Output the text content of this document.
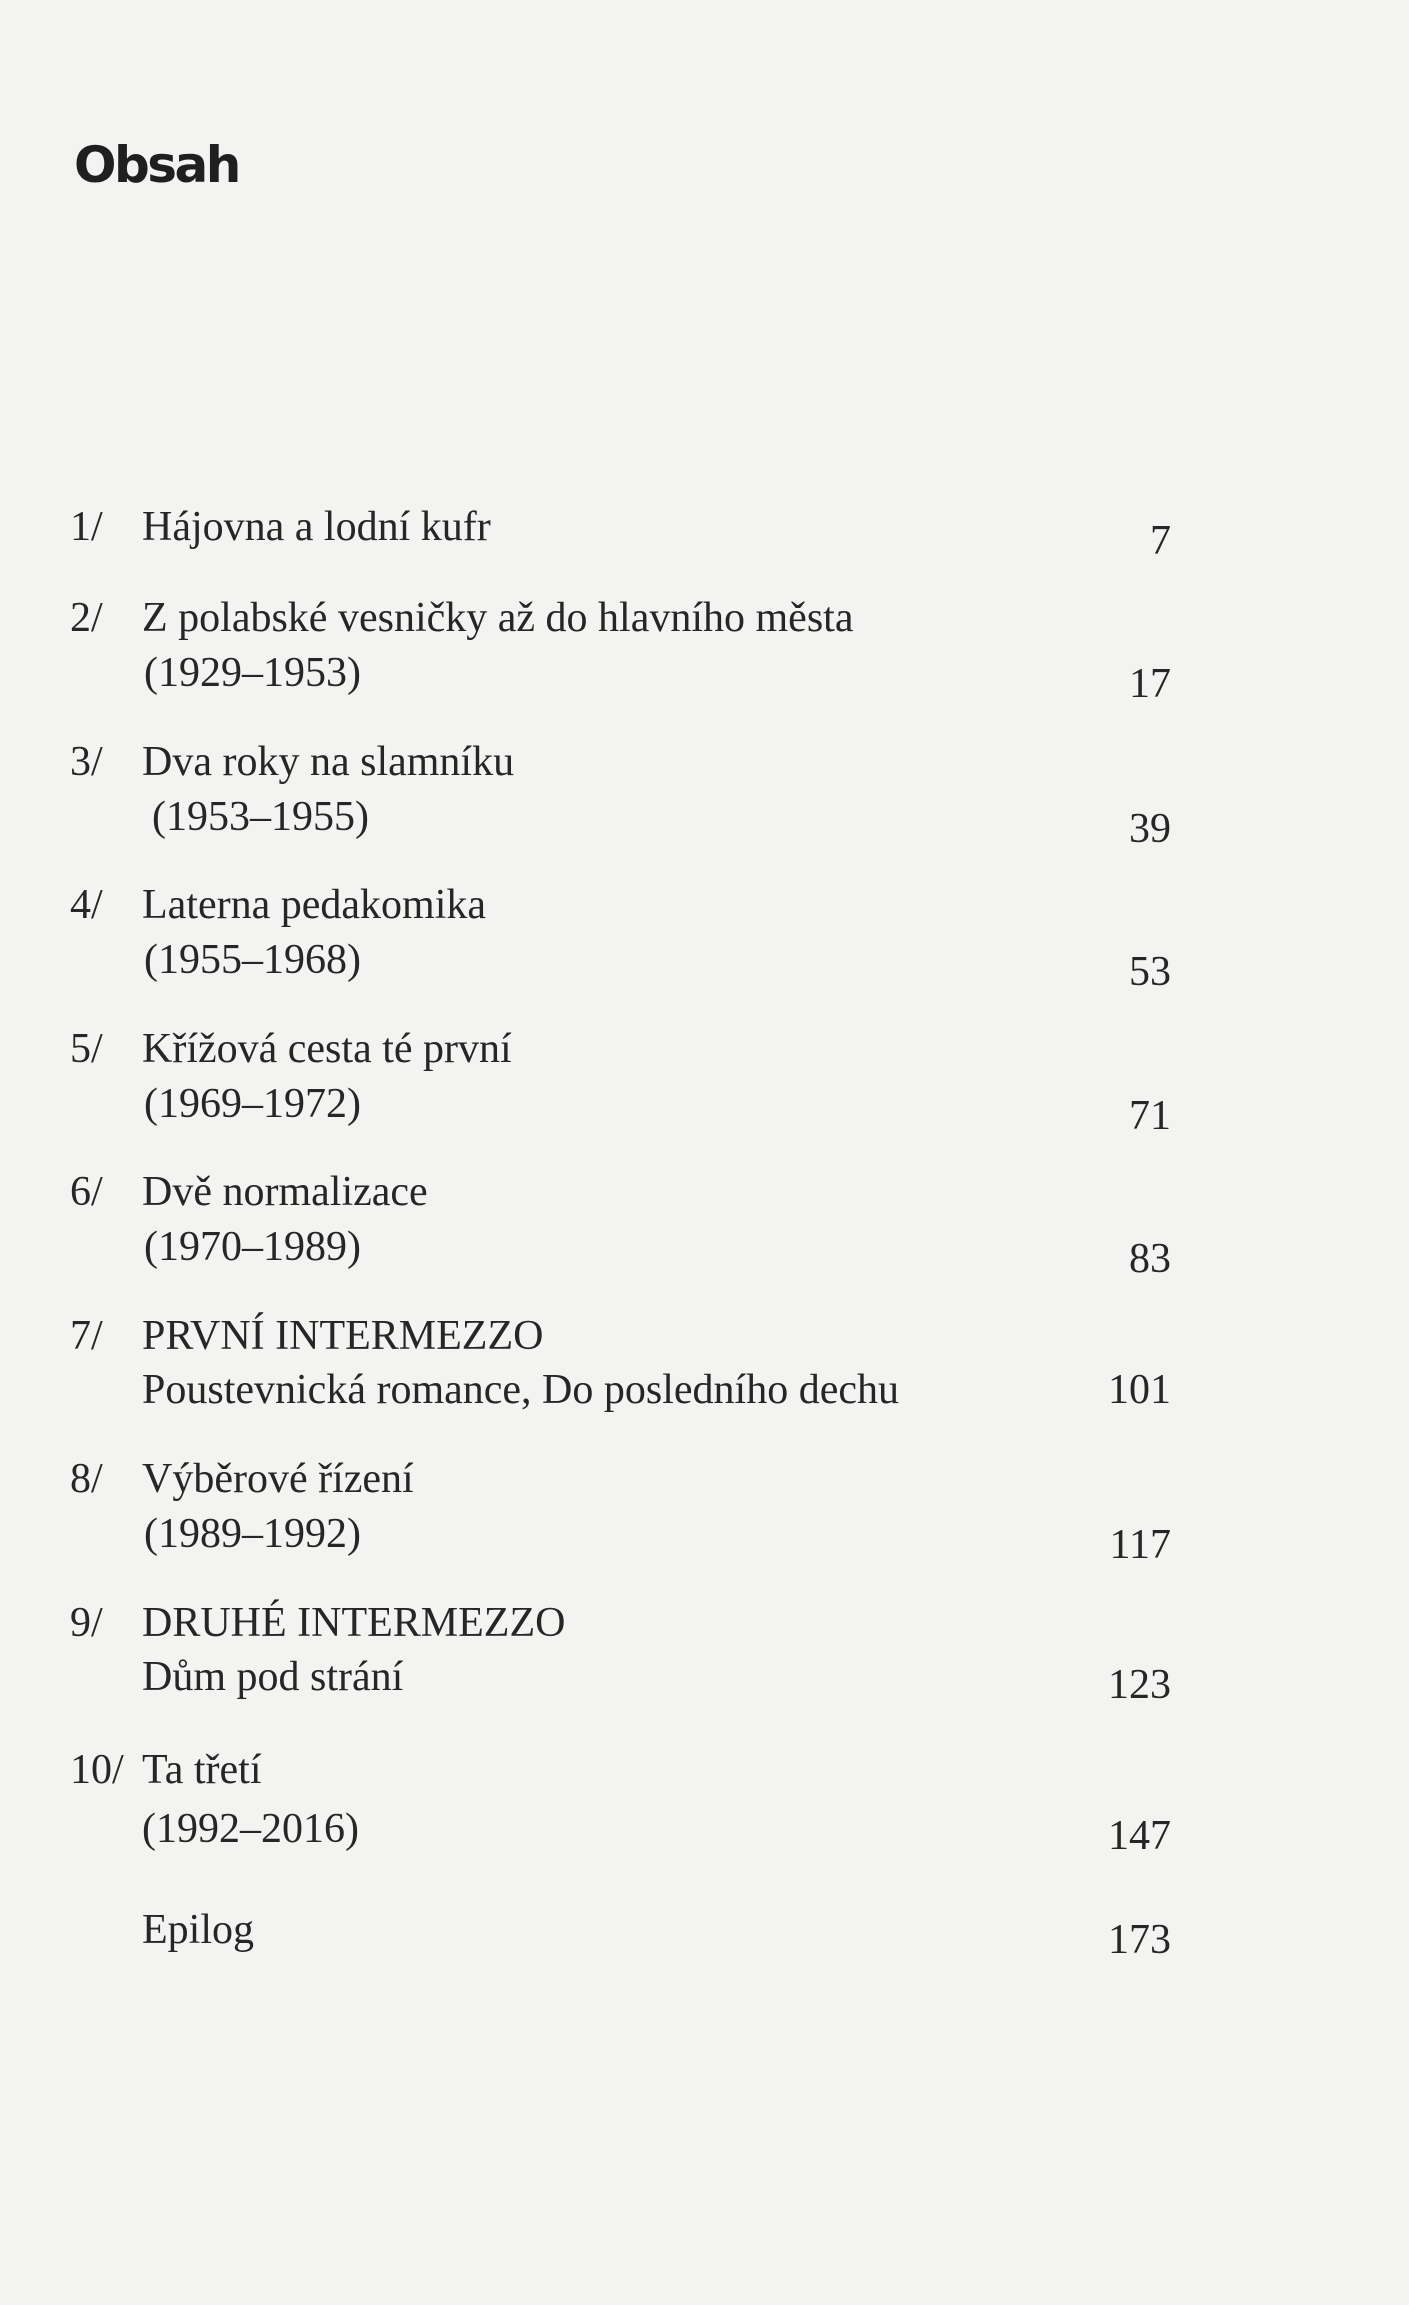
Obsah
1/ Hájovna a lodní kufr	7
2/ Z polabské vesničky až do hlavního města
(1929–1953)	17
3/ Dva roky na slamníku
(1953–1955)	39
4/ Laterna pedakomika
(1955–1968)	53
5/ Křížová cesta té první
(1969–1972)	71
6/ Dvě normalizace
(1970–1989)	83
7/ PRVNÍ INTERMEZZO
Poustevnická romance, Do posledního dechu	101
8/ Výběrové řízení
(1989–1992)	117
9/ DRUHÉ INTERMEZZO
Dům pod strání	123
10/ Ta třetí
(1992–2016)	147
Epilog	173
